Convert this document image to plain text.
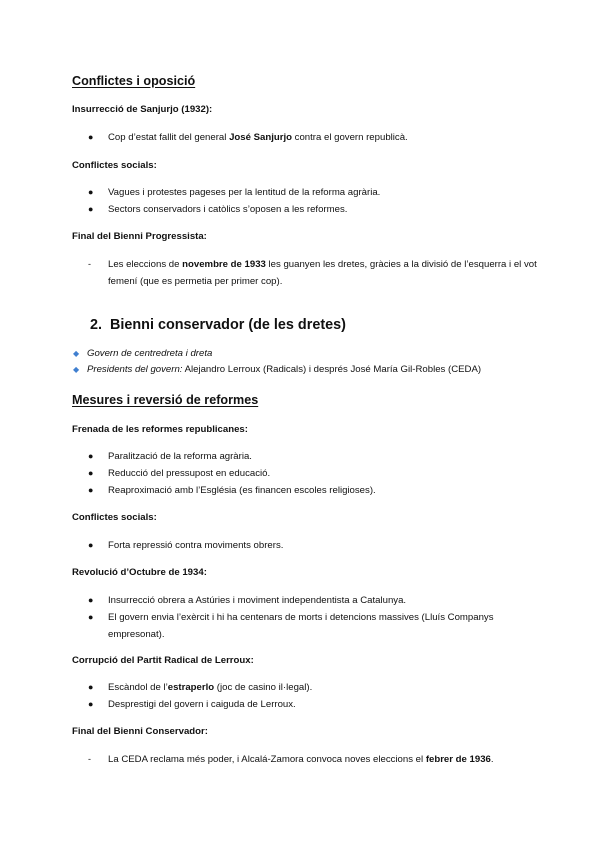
Conflictes i oposició
Insurrecció de Sanjurjo (1932):
●	Cop d’estat fallit del general José Sanjurjo contra el govern republicà.
Conflictes socials:
●	Vagues i protestes pageses per la lentitud de la reforma agrària.
●	Sectors conservadors i catòlics s’oposen a les reformes.
Final del Bienni Progressista:
-	Les eleccions de novembre de 1933 les guanyen les dretes, gràcies a la divisió de l’esquerra i el vot femení (que es permetia per primer cop).
2. Bienni conservador (de les dretes)
◆ Govern de centredreta i dreta
◆ Presidents del govern: Alejandro Lerroux (Radicals) i després José María Gil-Robles (CEDA)
Mesures i reversió de reformes
Frenada de les reformes republicanes:
●	Paralització de la reforma agrària.
●	Reducció del pressupost en educació.
●	Reaproximació amb l’Església (es financen escoles religioses).
Conflictes socials:
●	Forta repressió contra moviments obrers.
Revolució d’Octubre de 1934:
●	Insurrecció obrera a Astúries i moviment independentista a Catalunya.
●	El govern envia l’exèrcit i hi ha centenars de morts i detencions massives (Lluís Companys empresonat).
Corrupció del Partit Radical de Lerroux:
●	Escàndol de l’estraperlo (joc de casino il·legal).
●	Desprestigi del govern i caiguda de Lerroux.
Final del Bienni Conservador:
-	La CEDA reclama més poder, i Alcalá-Zamora convoca noves eleccions el febrer de 1936.
